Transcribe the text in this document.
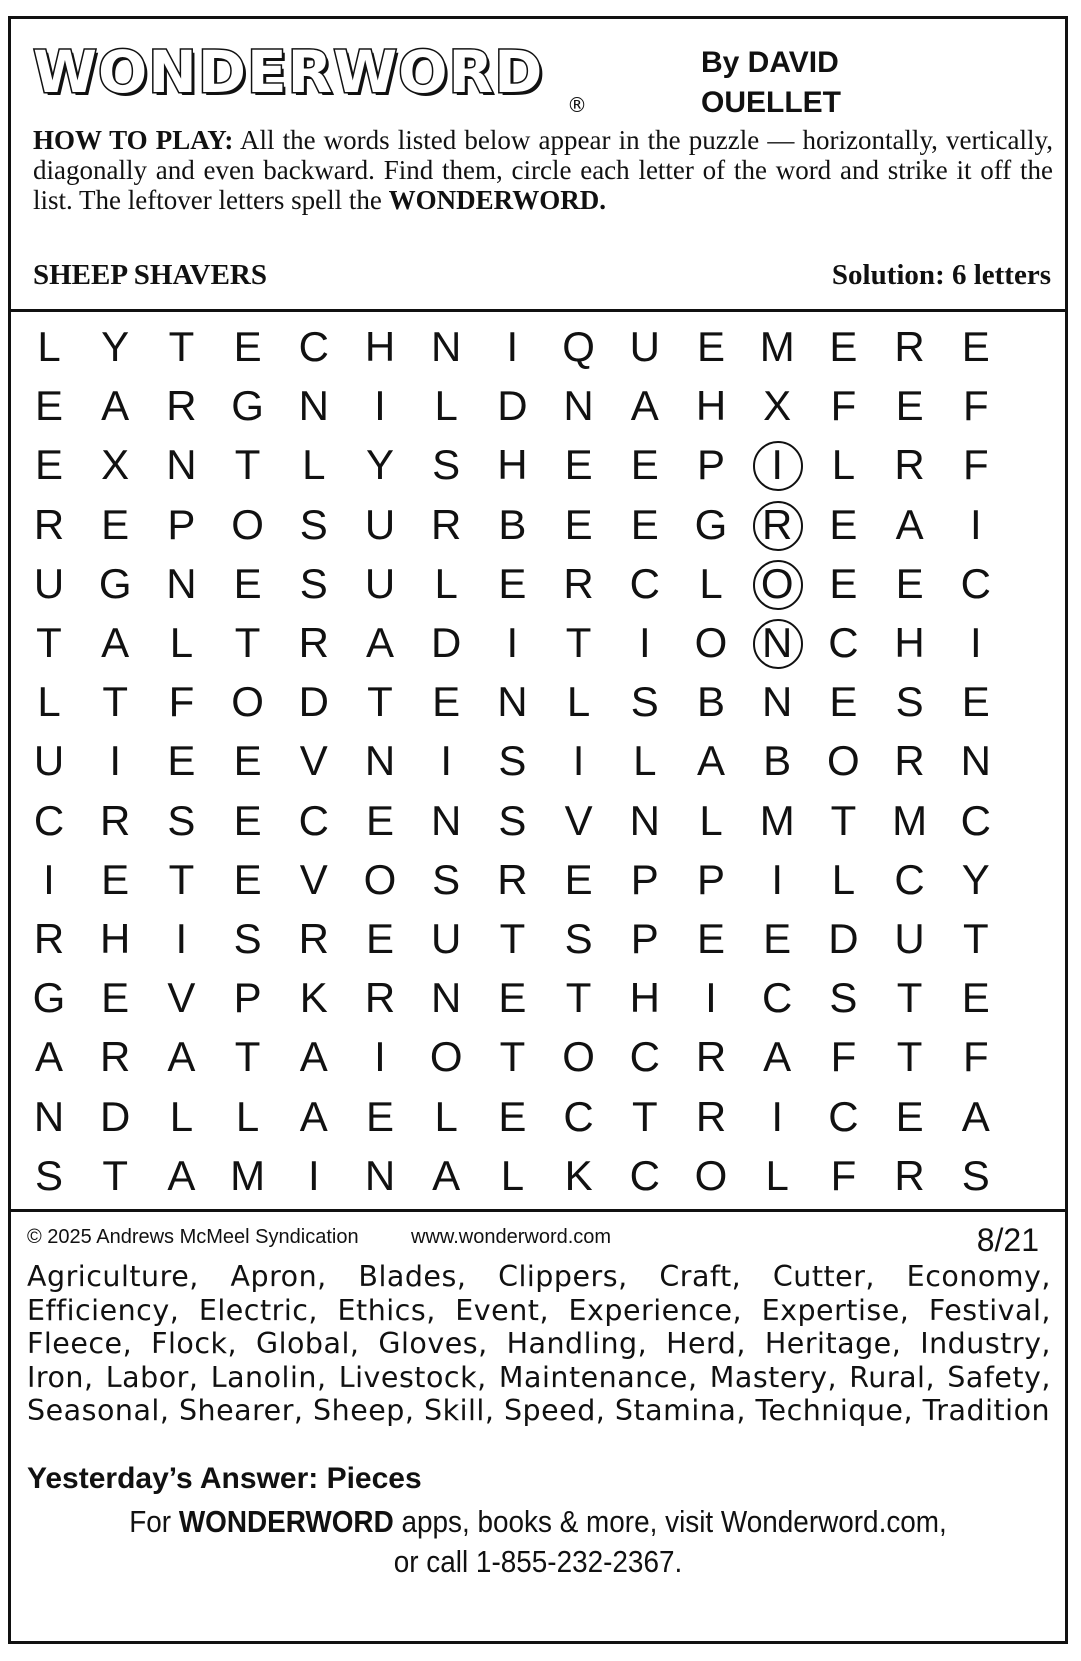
WONDERWORD ®
By DAVID OUELLET
HOW TO PLAY: All the words listed below appear in the puzzle — horizontally, vertically, diagonally and even backward. Find them, circle each letter of the word and strike it off the list. The leftover letters spell the WONDERWORD.
SHEEP SHAVERS	Solution: 6 letters
L Y T E C H N	I	Q U E M E R E
E A R G N	I	L D N A H X F E F
E X N T L Y S H E E P	I	L R F
R E P O S U R B E E G R E A	I
U G N E S U L E R C L O E E C
T A L T R A D	I	T	I	O N C H	I
L T F O D T E N L S B N E S E
U	I	E E V N	I	S	I	L A B O R N
C R S E C E N S V N L M T M C
I	E T E V O S R E P P	I	L C Y
R H	I	S R E U T S P E E D U T
G E V P K R N E T H	I	C S T E
A R A T A	I	O T O C R A F T F
N D L	L A E L E C T R	I	C E A
S T A M	I	N A L K C O L F R S
© 2025 Andrews McMeel Syndication	www.wonderword.com	8/21
Agriculture, Apron, Blades, Clippers, Craft, Cutter, Economy, Efficiency, Electric, Ethics, Event, Experience, Expertise, Festival, Fleece, Flock, Global, Gloves, Handling, Herd, Heritage, Industry, Iron, Labor, Lanolin, Livestock, Maintenance, Mastery, Rural, Safety, Seasonal, Shearer, Sheep, Skill, Speed, Stamina, Technique, Tradition
Yesterday’s Answer: Pieces
For WONDERWORD apps, books & more, visit Wonderword.com,
or call 1-855-232-2367.
